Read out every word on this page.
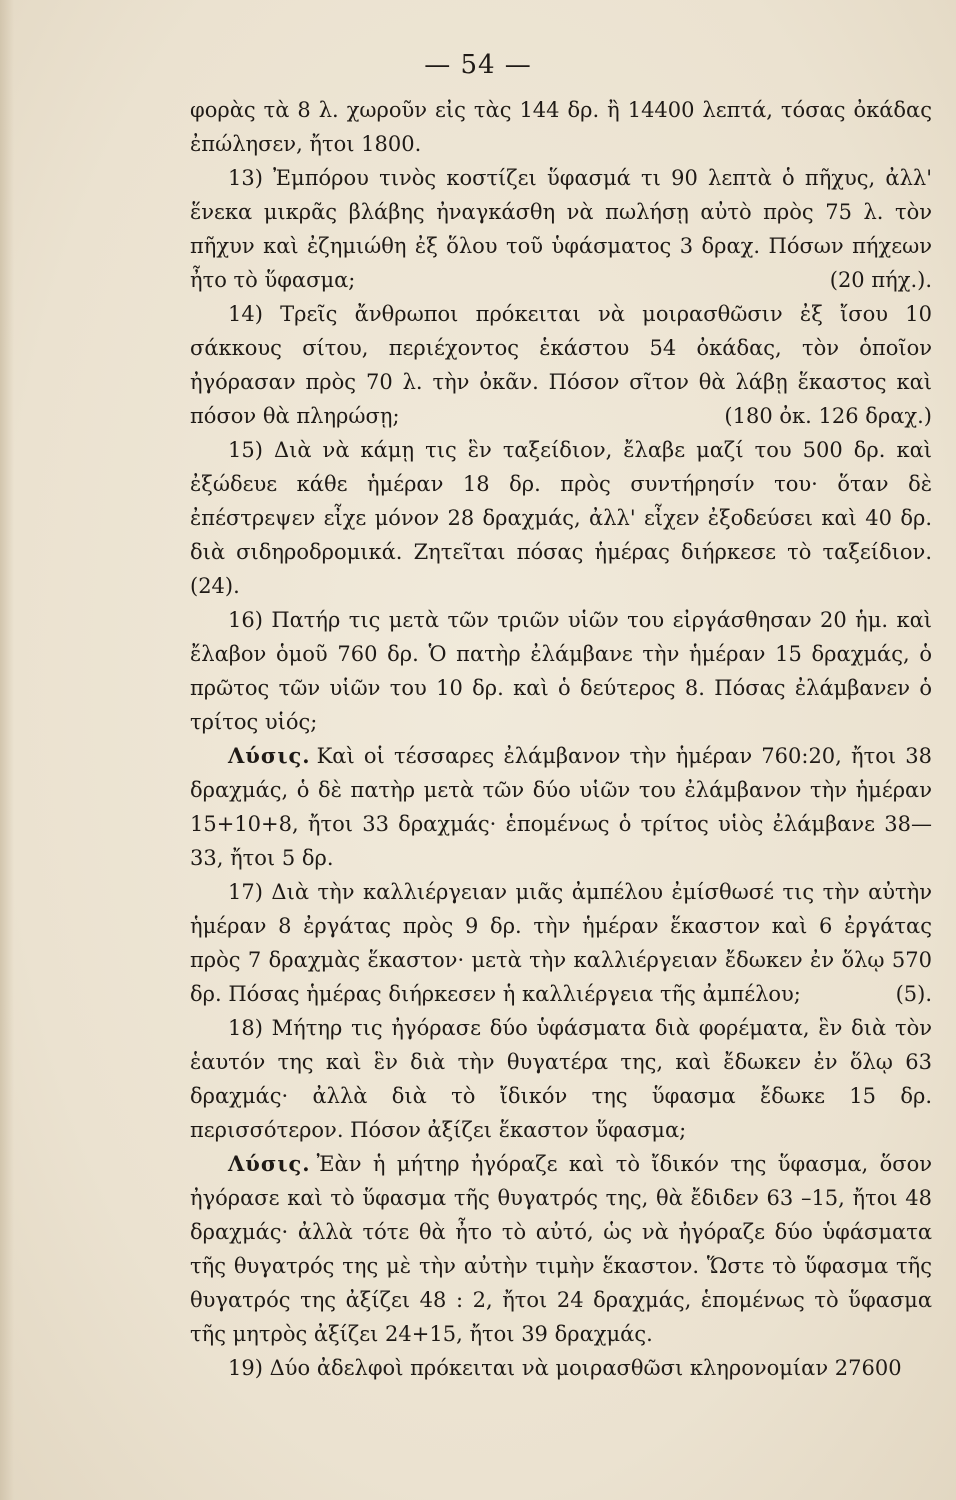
— 54 —

φορὰς τὰ 8 λ. χωροῦν εἰς τὰς 144 δρ. ἢ 14400 λεπτά, τόσας ὀκάδας ἐπώλησεν, ἤτοι 1800.

13) Ἐμπόρου τινὸς κοστίζει ὕφασμά τι 90 λεπτὰ ὁ πῆχυς, ἀλλ' ἕνεκα μικρᾶς βλάβης ἠναγκάσθη νὰ πωλήσῃ αὐτὸ πρὸς 75 λ. τὸν πῆχυν καὶ ἐζημιώθη ἐξ ὅλου τοῦ ὑφάσματος 3 δραχ. Πόσων πήχεων ἦτο τὸ ὕφασμα;	(20 πήχ.).

14) Τρεῖς ἄνθρωποι πρόκειται νὰ μοιρασθῶσιν ἐξ ἴσου 10 σάκκους σίτου, περιέχοντος ἑκάστου 54 ὀκάδας, τὸν ὁποῖον ἠγόρασαν πρὸς 70 λ. τὴν ὀκᾶν. Πόσον σῖτον θὰ λάβῃ ἕκαστος καὶ πόσον θὰ πληρώσῃ;	(180 ὀκ. 126 δραχ.)

15) Διὰ νὰ κάμῃ τις ἓν ταξείδιον, ἔλαβε μαζί του 500 δρ. καὶ ἐξώδευε κάθε ἡμέραν 18 δρ. πρὸς συντήρησίν του· ὅταν δὲ ἐπέστρεψεν εἶχε μόνον 28 δραχμάς, ἀλλ' εἶχεν ἐξοδεύσει καὶ 40 δρ. διὰ σιδηροδρομικά. Ζητεῖται πόσας ἡμέρας διήρκεσε τὸ ταξείδιον. (24).

16) Πατήρ τις μετὰ τῶν τριῶν υἱῶν του εἰργάσθησαν 20 ἡμ. καὶ ἔλαβον ὁμοῦ 760 δρ. Ὁ πατὴρ ἐλάμβανε τὴν ἡμέραν 15 δραχμάς, ὁ πρῶτος τῶν υἱῶν του 10 δρ. καὶ ὁ δεύτερος 8. Πόσας ἐλάμβανεν ὁ τρίτος υἱός;

Λύσις. Καὶ οἱ τέσσαρες ἐλάμβανον τὴν ἡμέραν 760:20, ἤτοι 38 δραχμάς, ὁ δὲ πατὴρ μετὰ τῶν δύο υἱῶν του ἐλάμβανον τὴν ἡμέραν 15+10+8, ἤτοι 33 δραχμάς· ἑπομένως ὁ τρίτος υἱὸς ἐλάμβανε 38—33, ἤτοι 5 δρ.

17) Διὰ τὴν καλλιέργειαν μιᾶς ἀμπέλου ἐμίσθωσέ τις τὴν αὐτὴν ἡμέραν 8 ἐργάτας πρὸς 9 δρ. τὴν ἡμέραν ἕκαστον καὶ 6 ἐργάτας πρὸς 7 δραχμὰς ἕκαστον· μετὰ τὴν καλλιέργειαν ἔδωκεν ἐν ὅλῳ 570 δρ. Πόσας ἡμέρας διήρκεσεν ἡ καλλιέργεια τῆς ἀμπέλου;	(5).

18) Μήτηρ τις ἠγόρασε δύο ὑφάσματα διὰ φορέματα, ἓν διὰ τὸν ἑαυτόν της καὶ ἓν διὰ τὴν θυγατέρα της, καὶ ἔδωκεν ἐν ὅλῳ 63 δραχμάς· ἀλλὰ διὰ τὸ ἴδικόν της ὕφασμα ἔδωκε 15 δρ. περισσότερον. Πόσον ἀξίζει ἕκαστον ὕφασμα;

Λύσις. Ἐὰν ἡ μήτηρ ἠγόραζε καὶ τὸ ἴδικόν της ὕφασμα, ὅσον ἠγόρασε καὶ τὸ ὕφασμα τῆς θυγατρός της, θὰ ἔδιδεν 63 –15, ἤτοι 48 δραχμάς· ἀλλὰ τότε θὰ ἦτο τὸ αὐτό, ὡς νὰ ἠγόραζε δύο ὑφάσματα τῆς θυγατρός της μὲ τὴν αὐτὴν τιμὴν ἕκαστον. Ὥστε τὸ ὕφασμα τῆς θυγατρός της ἀξίζει 48 : 2, ἤτοι 24 δραχμάς, ἑπομένως τὸ ὕφασμα τῆς μητρὸς ἀξίζει 24+15, ἤτοι 39 δραχμάς.

19) Δύο ἀδελφοὶ πρόκειται νὰ μοιρασθῶσι κληρονομίαν 27600
